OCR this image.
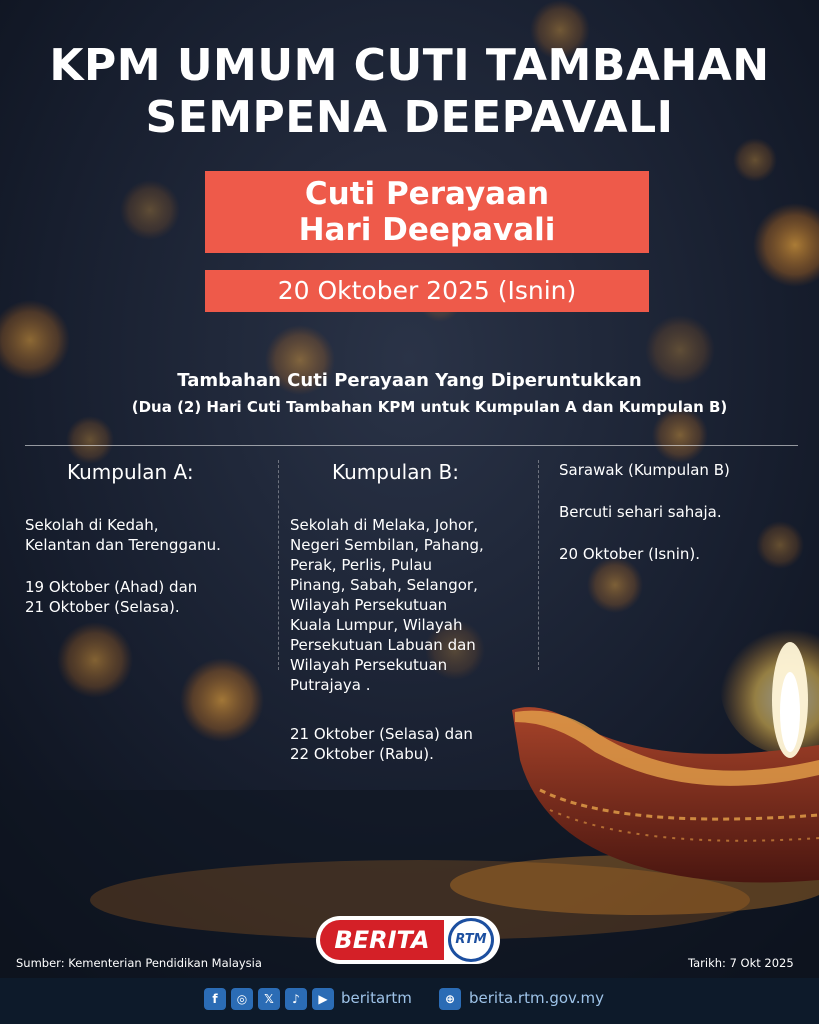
KPM UMUM CUTI TAMBAHAN
SEMPENA DEEPAVALI
Cuti Perayaan
Hari Deepavali
20 Oktober 2025 (Isnin)
Tambahan Cuti Perayaan Yang Diperuntukkan
(Dua (2) Hari Cuti Tambahan KPM untuk Kumpulan A dan Kumpulan B)
Kumpulan A:
Sekolah di Kedah,
Kelantan dan Terengganu.
19 Oktober (Ahad) dan
21 Oktober (Selasa).
Kumpulan B:
Sekolah di Melaka, Johor,
Negeri Sembilan, Pahang,
Perak, Perlis, Pulau
Pinang, Sabah, Selangor,
Wilayah Persekutuan
Kuala Lumpur, Wilayah
Persekutuan Labuan dan
Wilayah Persekutuan
Putrajaya .
21 Oktober (Selasa) dan
22 Oktober (Rabu).
Sarawak (Kumpulan B)
Bercuti sehari sahaja.
20 Oktober (Isnin).
BERITA	RTM
Sumber: Kementerian Pendidikan Malaysia	Tarikh: 7 Okt 2025
f	◎	𝕏	♪	▶ beritartm	⊕ berita.rtm.gov.my
